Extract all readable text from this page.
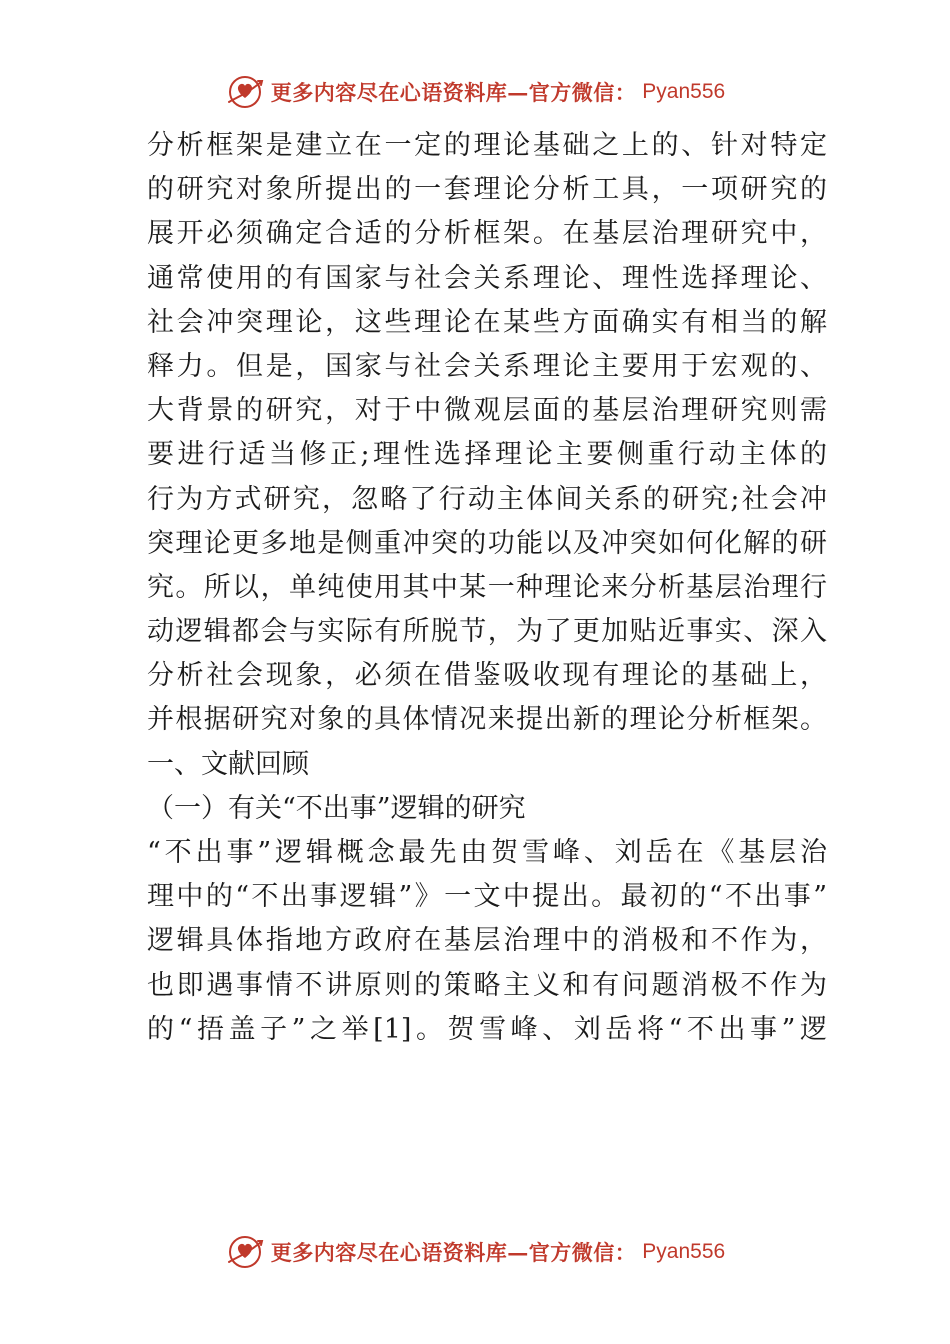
更多内容尽在心语资料库—官方微信： Pyan556
分析框架是建立在一定的理论基础之上的、针对特定
的研究对象所提出的一套理论分析工具，一项研究的
展开必须确定合适的分析框架。在基层治理研究中，
通常使用的有国家与社会关系理论、理性选择理论、
社会冲突理论，这些理论在某些方面确实有相当的解
释力。但是，国家与社会关系理论主要用于宏观的、
大背景的研究，对于中微观层面的基层治理研究则需
要进行适当修正;理性选择理论主要侧重行动主体的
行为方式研究，忽略了行动主体间关系的研究;社会冲
突理论更多地是侧重冲突的功能以及冲突如何化解的研
究。所以，单纯使用其中某一种理论来分析基层治理行
动逻辑都会与实际有所脱节，为了更加贴近事实、深入
分析社会现象，必须在借鉴吸收现有理论的基础上，
并根据研究对象的具体情况来提出新的理论分析框架。
一、文献回顾
（一）有关“不出事”逻辑的研究
“不出事”逻辑概念最先由贺雪峰、刘岳在《基层治
理中的“不出事逻辑”》一文中提出。最初的“不出事”
逻辑具体指地方政府在基层治理中的消极和不作为，
也即遇事情不讲原则的策略主义和有问题消极不作为
的“捂盖子”之举[1]。贺雪峰、刘岳将“不出事”逻
更多内容尽在心语资料库—官方微信： Pyan556
